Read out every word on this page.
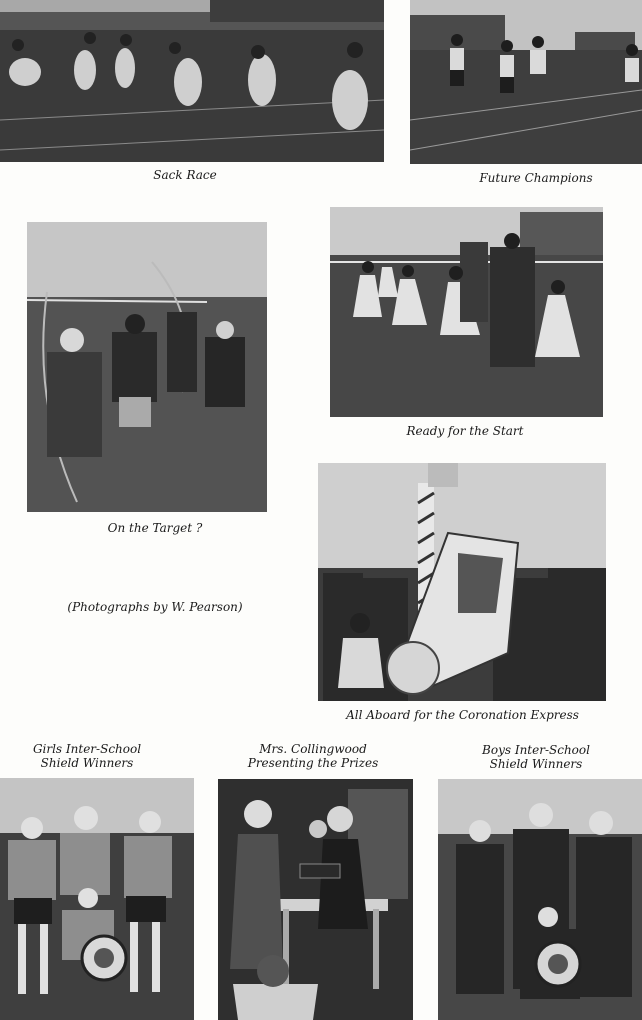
Sack Race	Future Champions
Ready for the Start
On the Target ?
(Photographs by W. Pearson)
All Aboard for the Coronation Express
Girls Inter-School Shield Winners
Mrs. Collingwood Presenting the Prizes
Boys Inter-School Shield Winners
